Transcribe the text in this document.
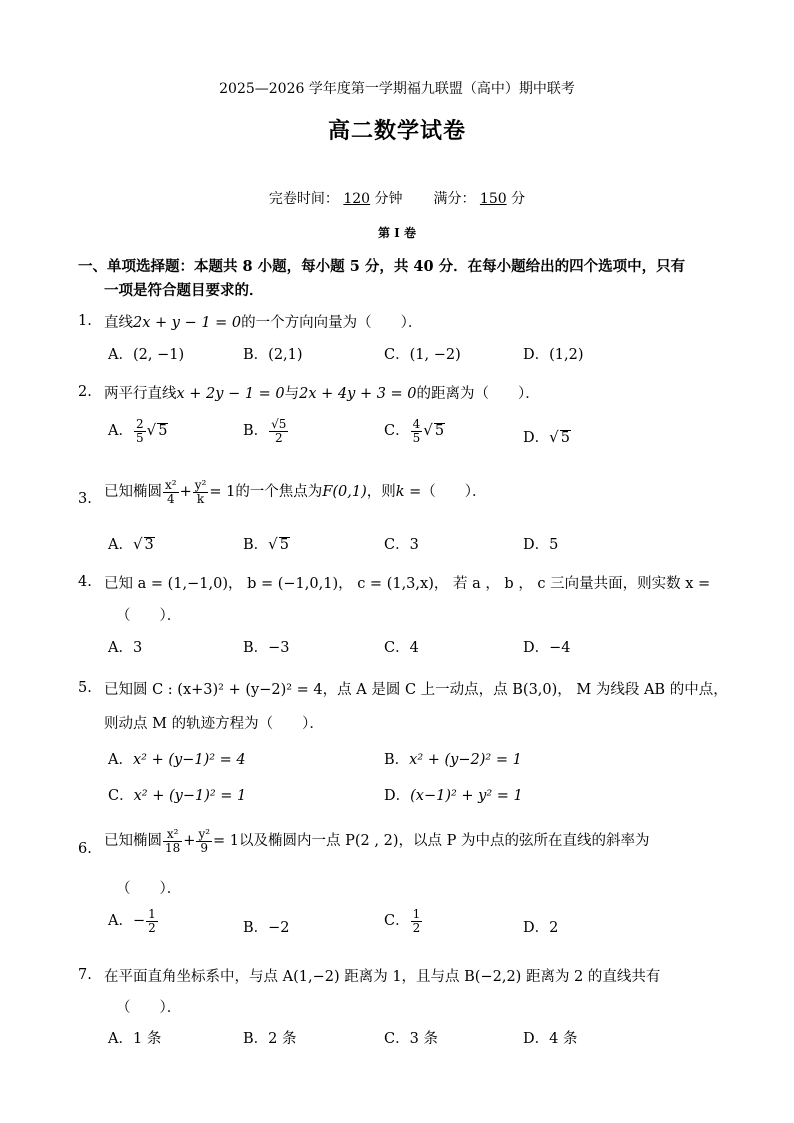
2025—2026 学年度第一学期福九联盟（高中）期中联考
高二数学试卷
完卷时间： 120 分钟 满分： 150 分
第 I 卷
一、单项选择题：本题共 8 小题，每小题 5 分，共 40 分．在每小题给出的四个选项中，只有
一项是符合题目要求的．
1. 直线2x + y − 1 = 0的一个方向向量为（　　）．
A．(2, −1)	B．(2,1)	C．(1, −2)	D．(1,2)
2. 两平行直线x + 2y − 1 = 0与2x + 4y + 3 = 0的距离为（　　）．
A． $\frac{2}{5}$ √ 5	B． $\frac{√5}{2}$	C． $\frac{4}{5}$ √ 5	D．√ 5
3. 已知椭圆 $\frac{\text{x²}}{4} + \frac{\text{y²}}{k} = 1$的一个焦点为F(0,1)，则k =（　　）．
A．√ 3	B．√ 5	C．3	D．5
4. 已知 a = (1,−1,0)， b = (−1,0,1)， c = (1,3,x)， 若 a ， b ， c 三向量共面，则实数 x =
（　　）．
A．3	B．−3	C．4	D．−4
5. 已知圆 C : (x+3)² + (y−2)² = 4，点 A 是圆 C 上一动点，点 B(3,0)， M 为线段 AB 的中点，
则动点 M 的轨迹方程为（　　）．
A．x² + (y−1)² = 4	B．x² + (y−2)² = 1
C．x² + (y−1)² = 1	D．(x−1)² + y² = 1
6. 已知椭圆 $\frac{\text{x²}}{18} + \frac{\text{y²}}{9} = 1$以及椭圆内一点 P(2 , 2)，以点 P 为中点的弦所在直线的斜率为
（　　）．
A．− $\frac{1}{2}$	B．−2	C． $\frac{1}{2}$	D．2
7. 在平面直角坐标系中，与点 A(1,−2) 距离为 1，且与点 B(−2,2) 距离为 2 的直线共有
（　　）．
A．1 条	B．2 条	C．3 条	D．4 条
